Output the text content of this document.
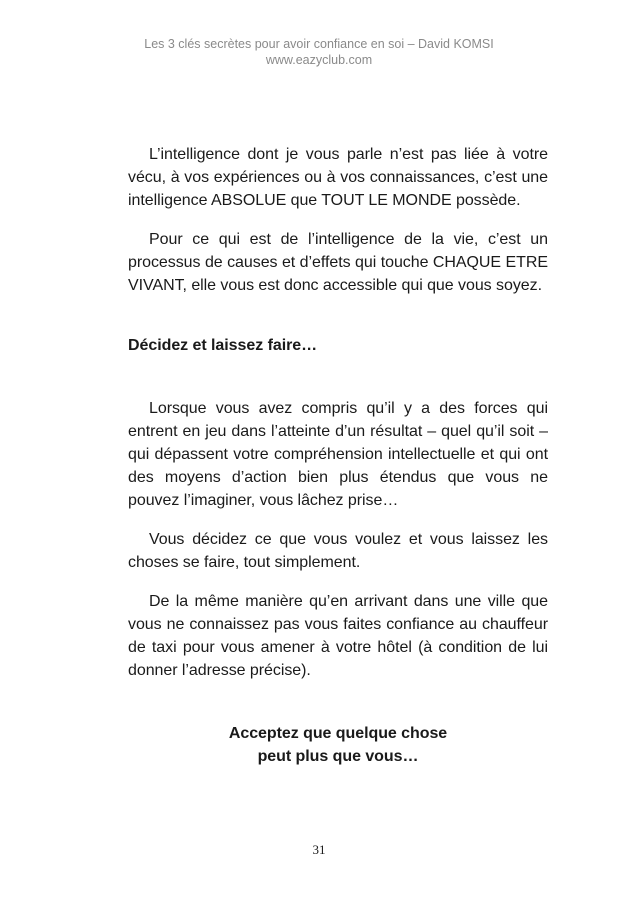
Les 3 clés secrètes pour avoir confiance en soi – David KOMSI
www.eazyclub.com

L’intelligence dont je vous parle n’est pas liée à votre vécu, à vos expériences ou à vos connaissances, c’est une intelligence ABSOLUE que TOUT LE MONDE possède.

Pour ce qui est de l’intelligence de la vie, c’est un processus de causes et d’effets qui touche CHAQUE ETRE VIVANT, elle vous est donc accessible qui que vous soyez.

Décidez et laissez faire…

Lorsque vous avez compris qu’il y a des forces qui entrent en jeu dans l’atteinte d’un résultat – quel qu’il soit – qui dépassent votre compréhension intellectuelle et qui ont des moyens d’action bien plus étendus que vous ne pouvez l’imaginer, vous lâchez prise…

Vous décidez ce que vous voulez et vous laissez les choses se faire, tout simplement.

De la même manière qu’en arrivant dans une ville que vous ne connaissez pas vous faites confiance au chauffeur de taxi pour vous amener à votre hôtel (à condition de lui donner l’adresse précise).

Acceptez que quelque chose
peut plus que vous…

31
